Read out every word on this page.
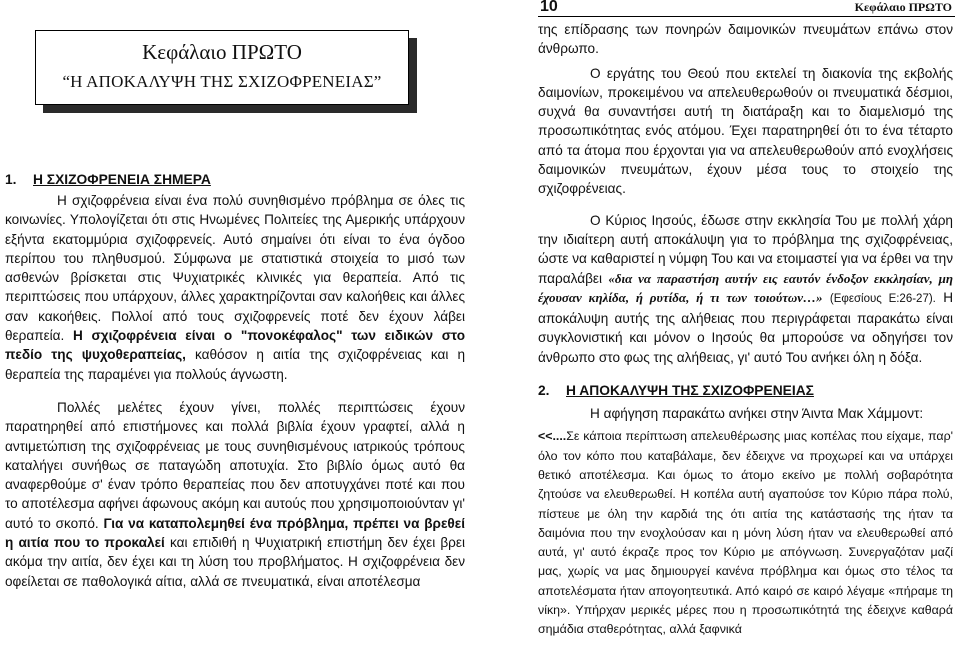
Κεφάλαιο ΠΡΩΤΟ
“Η ΑΠΟΚΑΛΥΨΗ ΤΗΣ ΣΧΙΖΟΦΡΕΝΕΙΑΣ”
1. Η ΣΧΙΖΟΦΡΕΝΕΙΑ ΣΗΜΕΡΑ

Η σχιζοφρένεια είναι ένα πολύ συνηθισμένο πρόβλημα σε όλες τις κοινωνίες. Υπολογίζεται ότι στις Ηνωμένες Πολιτείες της Αμερικής υπάρχουν εξήντα εκατομμύρια σχιζοφρενείς. Αυτό σημαίνει ότι είναι το ένα όγδοο περίπου του πληθυσμού. Σύμφωνα με στατιστικά στοιχεία το μισό των ασθενών βρίσκεται στις Ψυχιατρικές κλινικές για θεραπεία. Από τις περιπτώσεις που υπάρχουν, άλλες χαρακτηρίζονται σαν καλοήθεις και άλλες σαν κακοήθεις. Πολλοί από τους σχιζοφρενείς ποτέ δεν έχουν λάβει θεραπεία. Η σχιζοφρένεια είναι ο "πονοκέφαλος" των ειδικών στο πεδίο της ψυχοθεραπείας, καθόσον η αιτία της σχιζοφρένειας και η θεραπεία της παραμένει για πολλούς άγνωστη.

Πολλές μελέτες έχουν γίνει, πολλές περιπτώσεις έχουν παρατηρηθεί από επιστήμονες και πολλά βιβλία έχουν γραφτεί, αλλά η αντιμετώπιση της σχιζοφρένειας με τους συνηθισμένους ιατρικούς τρόπους καταλήγει συνήθως σε παταγώδη αποτυχία. Στο βιβλίο όμως αυτό θα αναφερθούμε σ' έναν τρόπο θεραπείας που δεν αποτυγχάνει ποτέ και που το αποτέλεσμα αφήνει άφωνους ακόμη και αυτούς που χρησιμοποιούνταν γι' αυτό το σκοπό. Για να καταπολεμηθεί ένα πρόβλημα, πρέπει να βρεθεί η αιτία που το προκαλεί και επιδιθή η Ψυχιατρική επιστήμη δεν έχει βρει ακόμα την αιτία, δεν έχει και τη λύση του προβλήματος. Η σχιζοφρένεια δεν οφείλεται σε παθολογικά αίτια, αλλά σε πνευματικά, είναι αποτέλεσμα

10	Κεφάλαιο ΠΡΩΤΟ

της επίδρασης των πονηρών δαιμονικών πνευμάτων επάνω στον άνθρωπο.

Ο εργάτης του Θεού που εκτελεί τη διακονία της εκβολής δαιμονίων, προκειμένου να απελευθερωθούν οι πνευματικά δέσμιοι, συχνά θα συναντήσει αυτή τη διατάραξη και το διαμελισμό της προσωπικότητας ενός ατόμου. Έχει παρατηρηθεί ότι το ένα τέταρτο από τα άτομα που έρχονται για να απελευθερωθούν από ενοχλήσεις δαιμονικών πνευμάτων, έχουν μέσα τους το στοιχείο της σχιζοφρένειας.

Ο Κύριος Ιησούς, έδωσε στην εκκλησία Του με πολλή χάρη την ιδιαίτερη αυτή αποκάλυψη για το πρόβλημα της σχιζοφρένειας, ώστε να καθαριστεί η νύμφη Του και να ετοιμαστεί για να έρθει να την παραλάβει «δια να παραστήση αυτήν εις εαυτόν ένδοξον εκκλησίαν, μη έχουσαν κηλίδα, ή ρυτίδα, ή τι των τοιούτων…» (Εφεσίους Ε:26-27). Η αποκάλυψη αυτής της αλήθειας που περιγράφεται παρακάτω είναι συγκλονιστική και μόνον ο Ιησούς θα μπορούσε να οδηγήσει τον άνθρωπο στο φως της αλήθειας, γι' αυτό Του ανήκει όλη η δόξα.

2. Η ΑΠΟΚΑΛΥΨΗ ΤΗΣ ΣΧΙΖΟΦΡΕΝΕΙΑΣ

Η αφήγηση παρακάτω ανήκει στην Άιντα Μακ Χάμμοντ:

<<....Σε κάποια περίπτωση απελευθέρωσης μιας κοπέλας που είχαμε, παρ' όλο τον κόπο που καταβάλαμε, δεν έδειχνε να προχωρεί και να υπάρχει θετικό αποτέλεσμα. Και όμως το άτομο εκείνο με πολλή σοβαρότητα ζητούσε να ελευθερωθεί. Η κοπέλα αυτή αγαπούσε τον Κύριο πάρα πολύ, πίστευε με όλη την καρδιά της ότι αιτία της κατάστασής της ήταν τα δαιμόνια που την ενοχλούσαν και η μόνη λύση ήταν να ελευθερωθεί από αυτά, γι' αυτό έκραζε προς τον Κύριο με απόγνωση. Συνεργαζόταν μαζί μας, χωρίς να μας δημιουργεί κανένα πρόβλημα και όμως στο τέλος τα αποτελέσματα ήταν απογοητευτικά. Από καιρό σε καιρό λέγαμε «πήραμε τη νίκη». Υπήρχαν μερικές μέρες που η προσωπικότητά της έδειχνε καθαρά σημάδια σταθερότητας, αλλά ξαφνικά
